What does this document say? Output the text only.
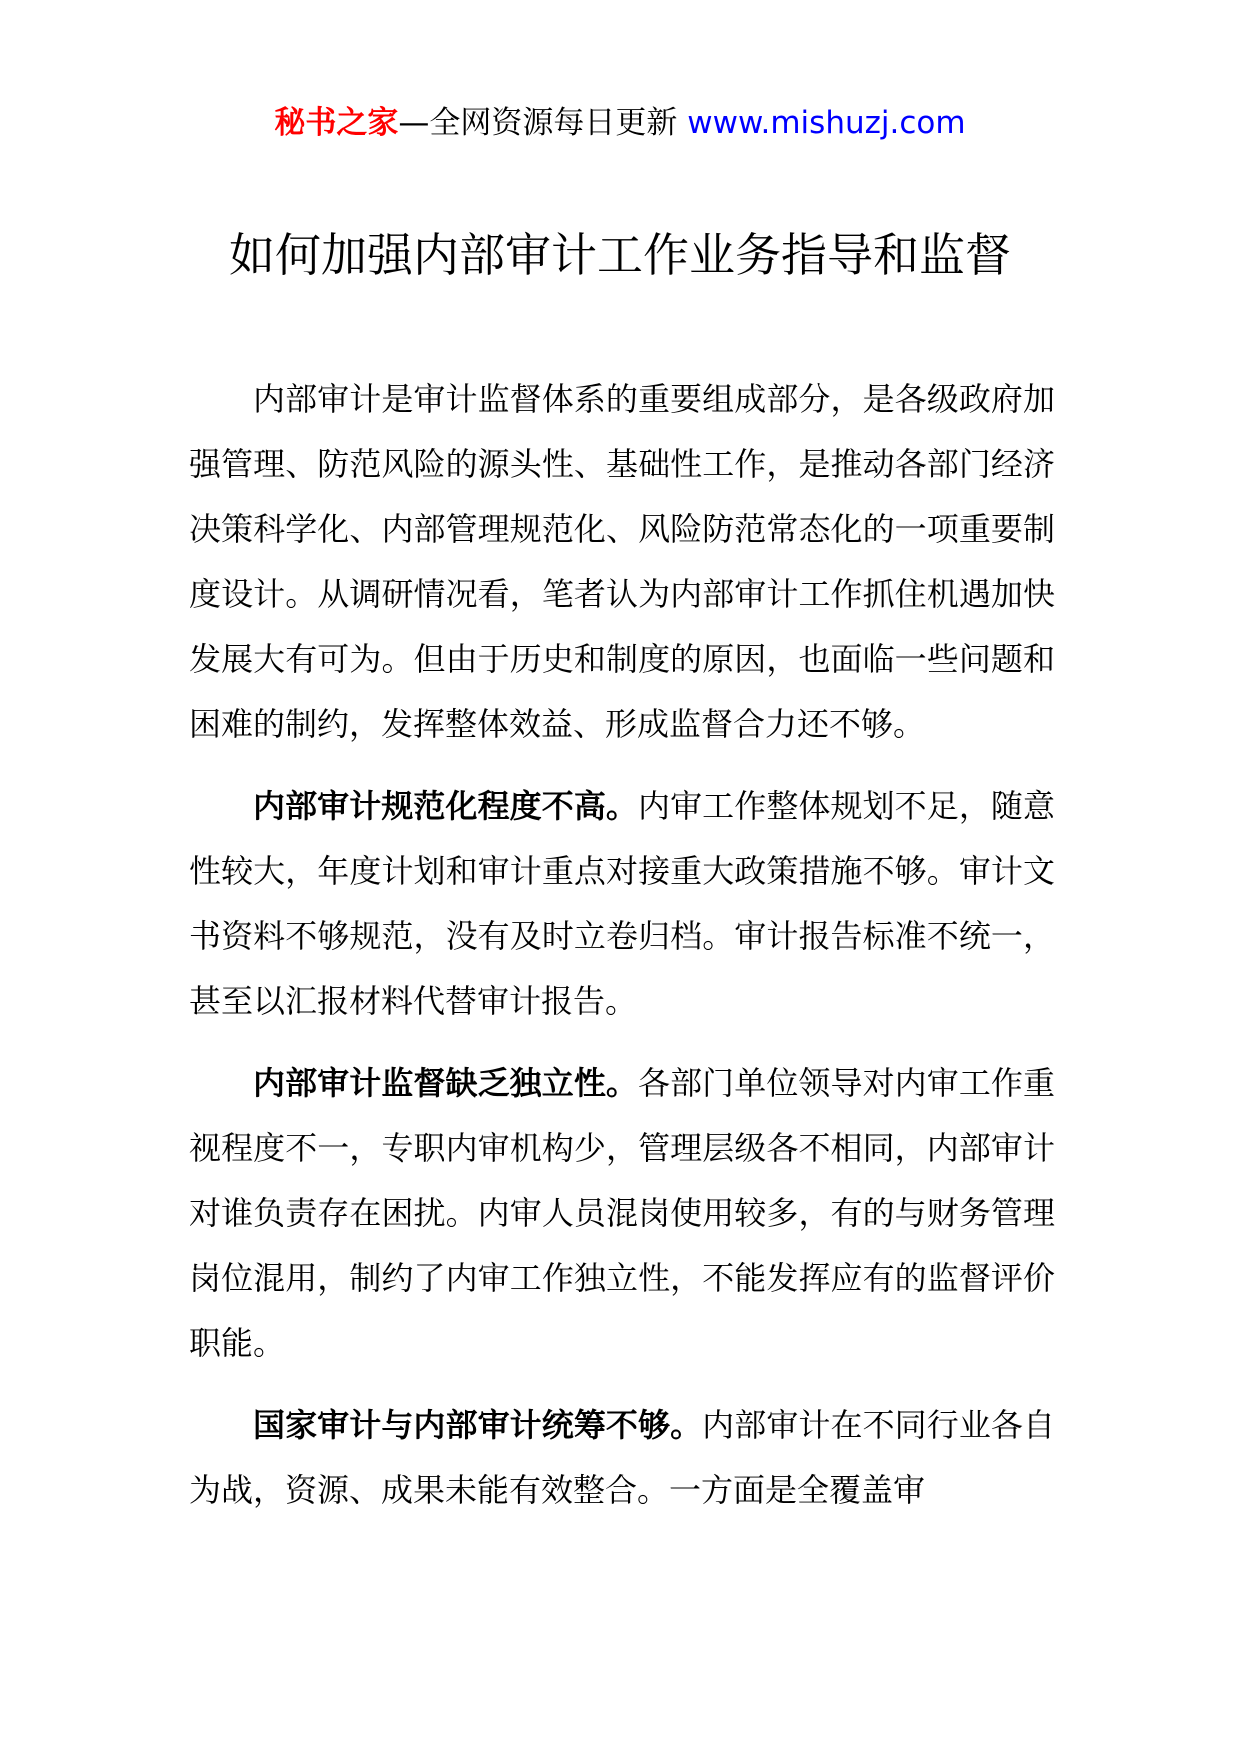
秘书之家—全网资源每日更新 www.mishuzj.com
如何加强内部审计工作业务指导和监督

内部审计是审计监督体系的重要组成部分，是各级政府加强管理、防范风险的源头性、基础性工作，是推动各部门经济决策科学化、内部管理规范化、风险防范常态化的一项重要制度设计。从调研情况看，笔者认为内部审计工作抓住机遇加快发展大有可为。但由于历史和制度的原因，也面临一些问题和困难的制约，发挥整体效益、形成监督合力还不够。

内部审计规范化程度不高。内审工作整体规划不足，随意性较大，年度计划和审计重点对接重大政策措施不够。审计文书资料不够规范，没有及时立卷归档。审计报告标准不统一，甚至以汇报材料代替审计报告。

内部审计监督缺乏独立性。各部门单位领导对内审工作重视程度不一，专职内审机构少，管理层级各不相同，内部审计对谁负责存在困扰。内审人员混岗使用较多，有的与财务管理岗位混用，制约了内审工作独立性，不能发挥应有的监督评价职能。

国家审计与内部审计统筹不够。内部审计在不同行业各自为战，资源、成果未能有效整合。一方面是全覆盖审
